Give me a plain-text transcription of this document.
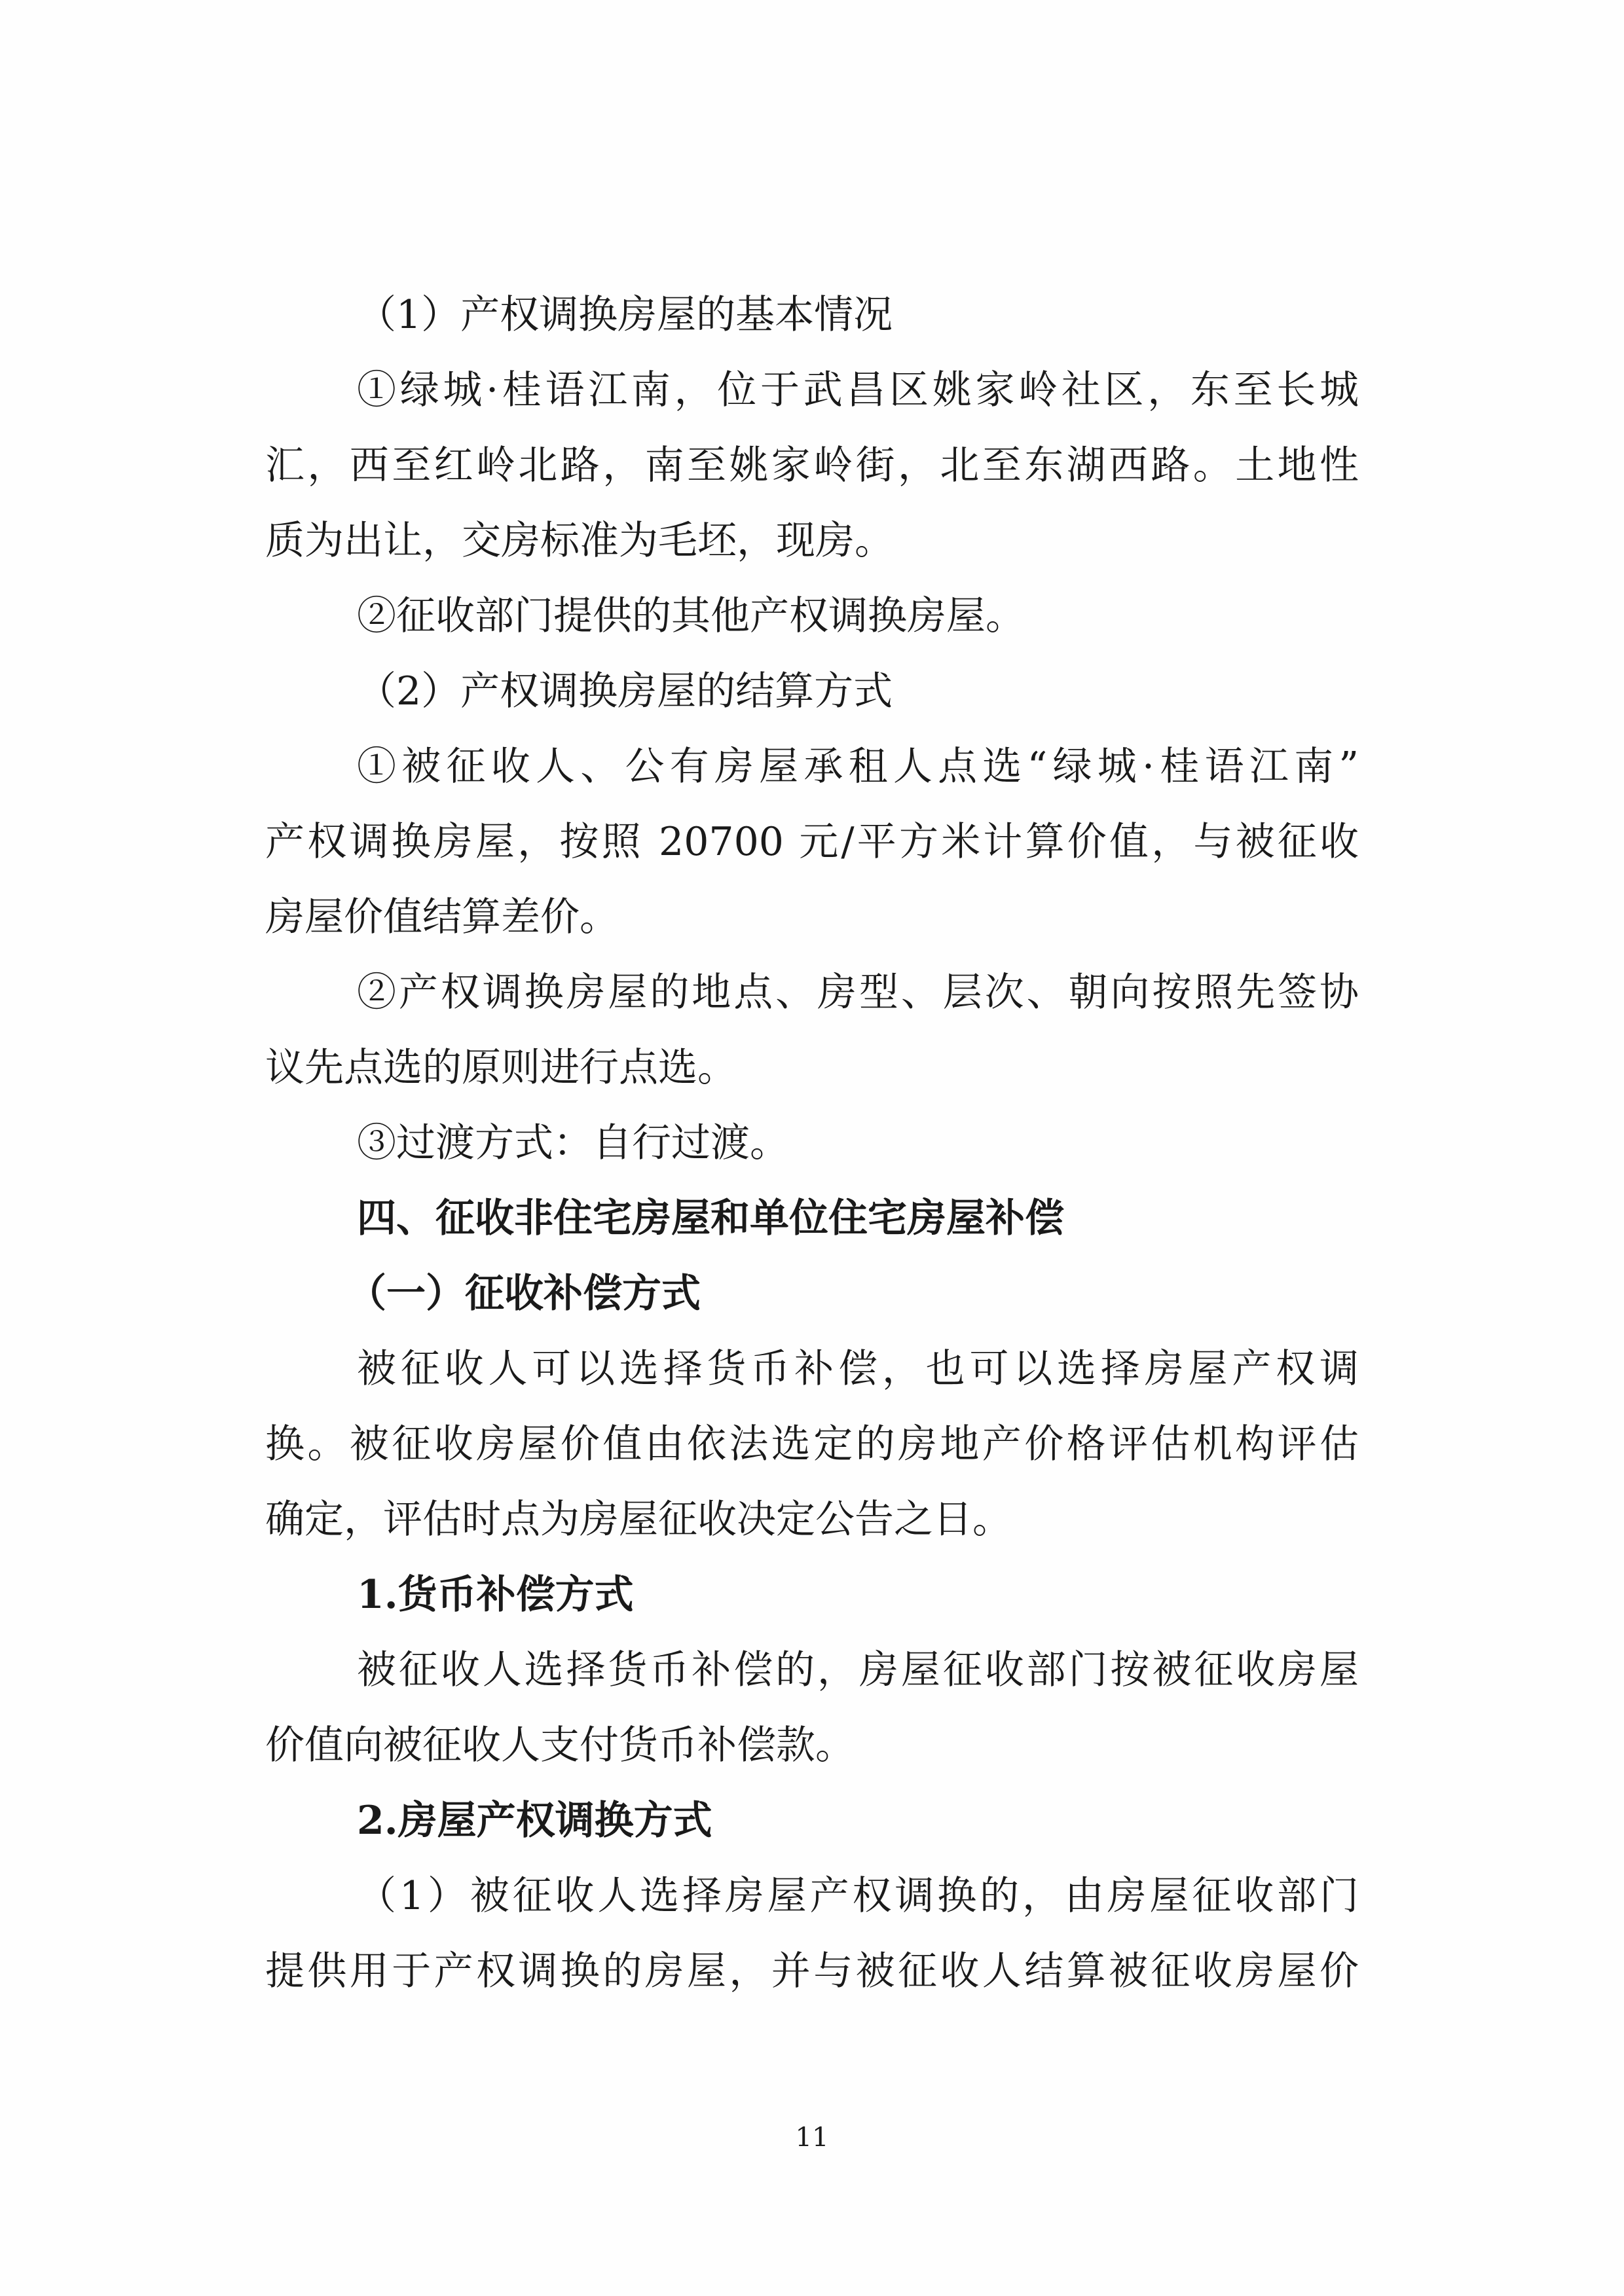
（1）产权调换房屋的基本情况
①绿城·桂语江南，位于武昌区姚家岭社区，东至长城
汇，西至红岭北路，南至姚家岭街，北至东湖西路。土地性
质为出让，交房标准为毛坯，现房。
②征收部门提供的其他产权调换房屋。
（2）产权调换房屋的结算方式
①被征收人、公有房屋承租人点选“绿城·桂语江南”
产权调换房屋，按照 20700 元/平方米计算价值，与被征收
房屋价值结算差价。
②产权调换房屋的地点、房型、层次、朝向按照先签协
议先点选的原则进行点选。
③过渡方式：自行过渡。
四、征收非住宅房屋和单位住宅房屋补偿
（一）征收补偿方式
被征收人可以选择货币补偿，也可以选择房屋产权调
换。被征收房屋价值由依法选定的房地产价格评估机构评估
确定，评估时点为房屋征收决定公告之日。
1.货币补偿方式
被征收人选择货币补偿的，房屋征收部门按被征收房屋
价值向被征收人支付货币补偿款。
2.房屋产权调换方式
（1）被征收人选择房屋产权调换的，由房屋征收部门
提供用于产权调换的房屋，并与被征收人结算被征收房屋价
11
